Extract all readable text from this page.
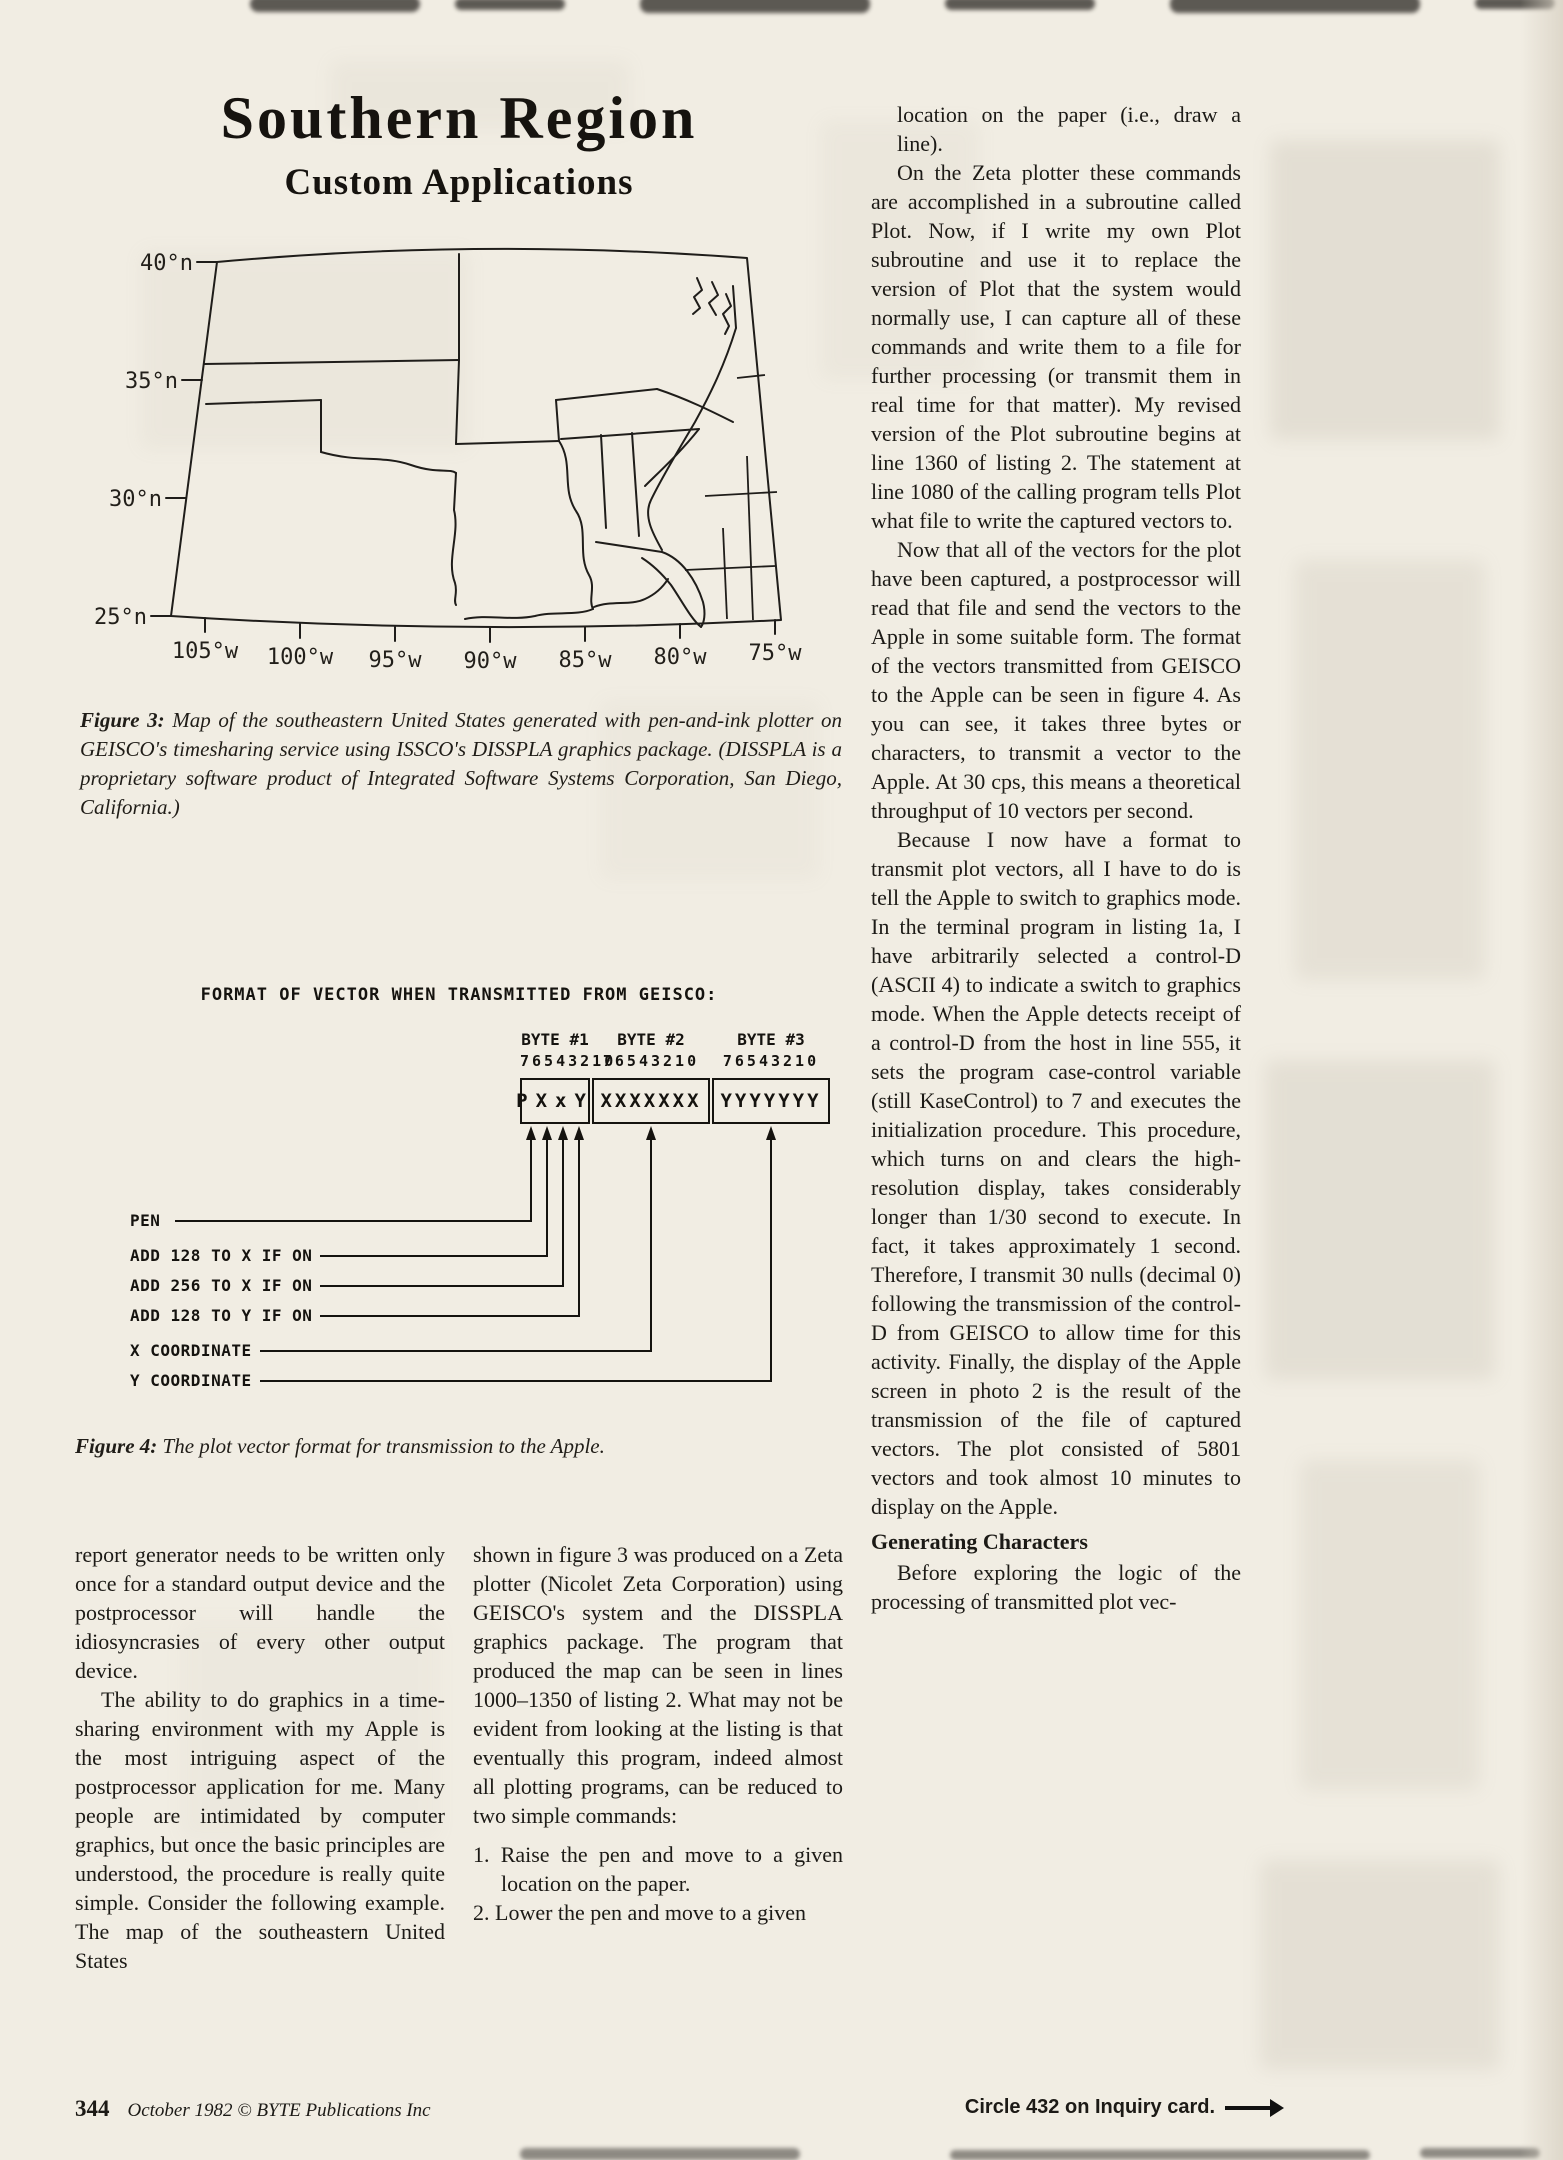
Southern Region
Custom Applications
40°n
35°n
30°n
25°n
105°w 100°w 95°w 90°w 85°w 80°w 75°w
Figure 3: Map of the southeastern United States generated with pen-and-ink plotter on GEISCO's timesharing service using ISSCO's DISSPLA graphics package. (DISSPLA is a proprietary software product of Integrated Software Systems Corporation, San Diego, California.)
FORMAT OF VECTOR WHEN TRANSMITTED FROM GEISCO:
BYTE #1
76543210
PXxY
BYTE #2
76543210
XXXXXXX
BYTE #3
76543210
YYYYYYY
PEN
ADD 128 TO X IF ON
ADD 256 TO X IF ON
ADD 128 TO Y IF ON
X COORDINATE
Y COORDINATE
Figure 4: The plot vector format for transmission to the Apple.

report generator needs to be written only once for a standard output device and the postprocessor will handle the idiosyncrasies of every other output device.

The ability to do graphics in a time-sharing environment with my Apple is the most intriguing aspect of the postprocessor application for me. Many people are intimidated by computer graphics, but once the basic principles are understood, the procedure is really quite simple. Consider the following example. The map of the southeastern United States

shown in figure 3 was produced on a Zeta plotter (Nicolet Zeta Corporation) using GEISCO's system and the DISSPLA graphics package. The program that produced the map can be seen in lines 1000–1350 of listing 2. What may not be evident from looking at the listing is that eventually this program, indeed almost all plotting programs, can be reduced to two simple commands:

1. Raise the pen and move to a given location on the paper.

2. Lower the pen and move to a given

location on the paper (i.e., draw a line).

On the Zeta plotter these commands are accomplished in a subroutine called Plot. Now, if I write my own Plot subroutine and use it to replace the version of Plot that the system would normally use, I can capture all of these commands and write them to a file for further processing (or transmit them in real time for that matter). My revised version of the Plot subroutine begins at line 1360 of listing 2. The statement at line 1080 of the calling program tells Plot what file to write the captured vectors to.

Now that all of the vectors for the plot have been captured, a postprocessor will read that file and send the vectors to the Apple in some suitable form. The format of the vectors transmitted from GEISCO to the Apple can be seen in figure 4. As you can see, it takes three bytes or characters, to transmit a vector to the Apple. At 30 cps, this means a theoretical throughput of 10 vectors per second.

Because I now have a format to transmit plot vectors, all I have to do is tell the Apple to switch to graphics mode. In the terminal program in listing 1a, I have arbitrarily selected a control-D (ASCII 4) to indicate a switch to graphics mode. When the Apple detects receipt of a control-D from the host in line 555, it sets the program case-control variable (still KaseControl) to 7 and executes the initialization procedure. This procedure, which turns on and clears the high-resolution display, takes considerably longer than 1/30 second to execute. In fact, it takes approximately 1 second. Therefore, I transmit 30 nulls (decimal 0) following the transmission of the control-D from GEISCO to allow time for this activity. Finally, the display of the Apple screen in photo 2 is the result of the transmission of the file of captured vectors. The plot consisted of 5801 vectors and took almost 10 minutes to display on the Apple.

Generating Characters

Before exploring the logic of the processing of transmitted plot vec-

344 October 1982 © BYTE Publications Inc	Circle 432 on Inquiry card.
